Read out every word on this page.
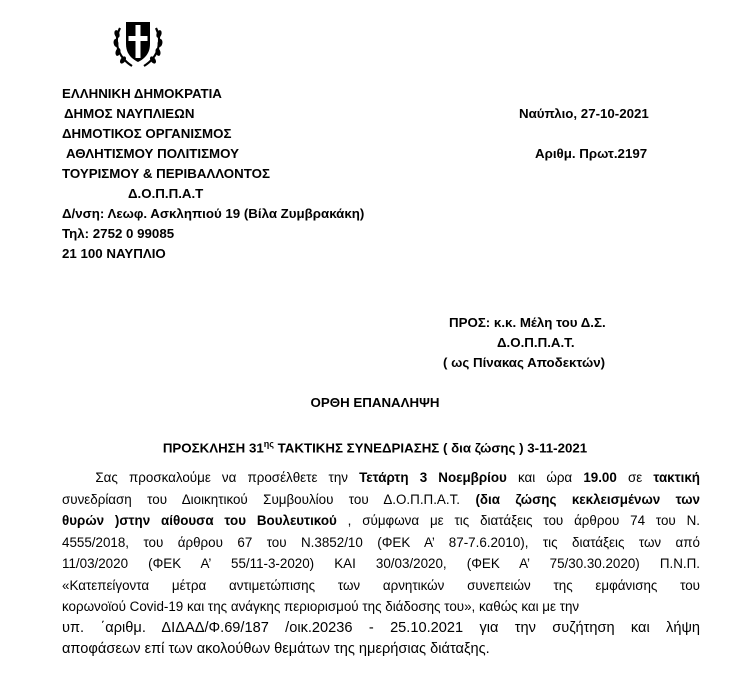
ΕΛΛΗΝΙΚΗ ΔΗΜΟΚΡΑΤΙΑ
ΔΗΜΟΣ ΝΑΥΠΛΙΕΩΝ
ΔΗΜΟΤΙΚΟΣ ΟΡΓΑΝΙΣΜΟΣ
ΑΘΛΗΤΙΣΜΟΥ ΠΟΛΙΤΙΣΜΟΥ
ΤΟΥΡΙΣΜΟΥ & ΠΕΡΙΒΑΛΛΟΝΤΟΣ
Δ.Ο.Π.Π.Α.Τ
Δ/νση: Λεωφ. Ασκληπιού 19 (Βίλα Ζυμβρακάκη)
Τηλ: 2752 0 99085
21 100 ΝΑΥΠΛΙΟ
Ναύπλιο, 27-10-2021
Αριθμ. Πρωτ.2197
ΠΡΟΣ: κ.κ. Μέλη του Δ.Σ.
Δ.Ο.Π.Π.Α.Τ.
( ως Πίνακας Αποδεκτών)
ΟΡΘΗ ΕΠΑΝΑΛΗΨΗ
ΠΡΟΣΚΛΗΣΗ $31^{\eta\varsigma}$ ΤΑΚΤΙΚΗΣ ΣΥΝΕΔΡΙΑΣΗΣ ( δια ζώσης ) 3-11-2021
Σας προσκαλούμε να προσέλθετε την Τετάρτη 3 Νοεμβρίου και ώρα 19.00 σε τακτική
συνεδρίαση του Διοικητικού Συμβουλίου του Δ.Ο.Π.Π.Α.Τ. (δια ζώσης κεκλεισμένων των
θυρών )στην αίθουσα του Βουλευτικού , σύμφωνα με τις διατάξεις του άρθρου 74 του Ν.
4555/2018, του άρθρου 67 του Ν.3852/10 (ΦΕΚ Α’ 87-7.6.2010), τις διατάξεις των από
11/03/2020 (ΦΕΚ Α’ 55/11-3-2020) ΚΑΙ 30/03/2020, (ΦΕΚ Α’ 75/30.30.2020) Π.Ν.Π.
«Κατεπείγοντα μέτρα αντιμετώπισης των αρνητικών συνεπειών της εμφάνισης του
κορωνοϊού Covid-19 και της ανάγκης περιορισμού της διάδοσης του», καθώς και με την
υπ. ΄αριθμ. ΔΙΔΑΔ/Φ.69/187 /οικ.20236 - 25.10.2021 για την συζήτηση και λήψη
αποφάσεων επί των ακολούθων θεμάτων της ημερήσιας διάταξης.
